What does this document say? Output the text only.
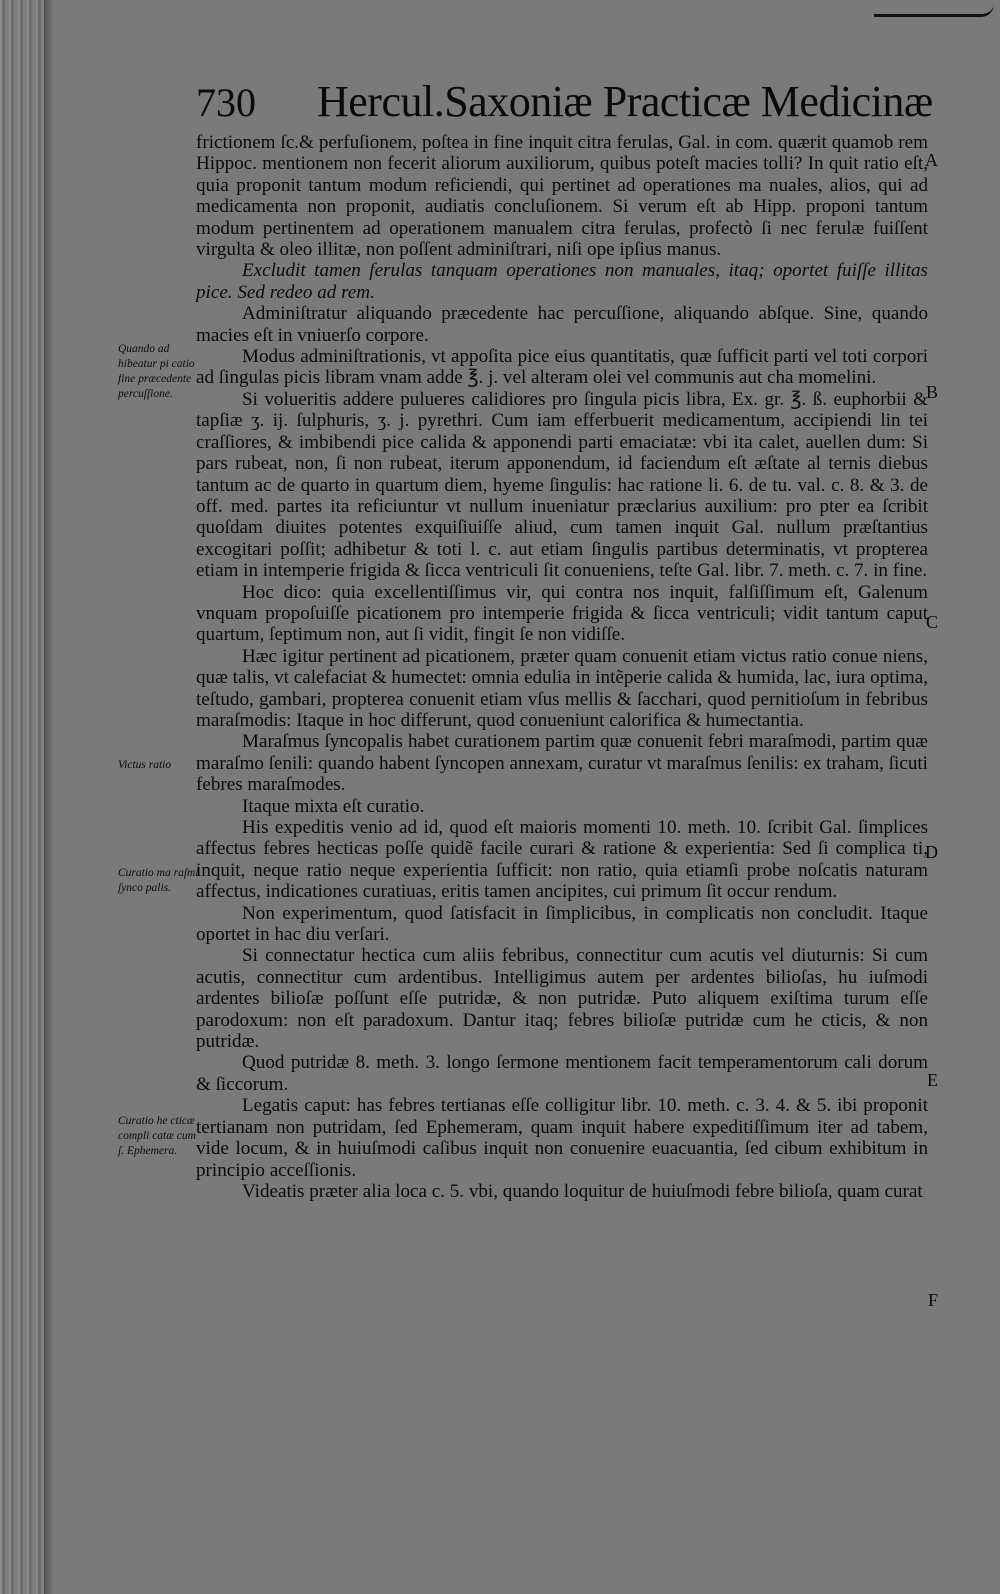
730 Hercul.Saxoniæ Practicæ Medicinæ
Quando ad hibeatur pi catio fine præcedente percuſſione.
Victus ratio
Curatio ma raſmi ſynco palis.
Curatio he cticæ compli catæ cum ſ. Ephemera.
A
B
C
D
E
F

frictionem ſc.& perfuſionem, poſtea in fine inquit citra ferulas, Gal. in com. quærit quamob rem Hippoc. mentionem non fecerit aliorum auxiliorum, quibus poteſt macies tolli? In quit ratio eſt, quia proponit tantum modum reficiendi, qui pertinet ad operationes ma nuales, alios, qui ad medicamenta non proponit, audiatis concluſionem. Si verum eſt ab Hipp. proponi tantum modum pertinentem ad operationem manualem citra ferulas, profectò ſi nec ferulæ fuiſſent virgulta & oleo illitæ, non poſſent adminiſtrari, niſi ope ipſius manus.

Excludit tamen ferulas tanquam operationes non manuales, itaq; oportet fuiſſe illitas pice. Sed redeo ad rem.

Adminiſtratur aliquando præcedente hac percuſſione, aliquando abſque. Sine, quando macies eſt in vniuerſo corpore.

Modus adminiſtrationis, vt appoſita pice eius quantitatis, quæ ſufficit parti vel toti corpori ad ſingulas picis libram vnam adde ℥. j. vel alteram olei vel communis aut cha momelini.

Si volueritis addere pulueres calidiores pro ſingula picis libra, Ex. gr. ℥. ß. euphorbii & tapſiæ ʒ. ij. ſulphuris, ʒ. j. pyrethri. Cum iam efferbuerit medicamentum, accipiendi lin tei craſſiores, & imbibendi pice calida & apponendi parti emaciatæ: vbi ita calet, auellen dum: Si pars rubeat, non, ſi non rubeat, iterum apponendum, id faciendum eſt æſtate al ternis diebus tantum ac de quarto in quartum diem, hyeme ſingulis: hac ratione li. 6. de tu. val. c. 8. & 3. de off. med. partes ita reficiuntur vt nullum inueniatur præclarius auxilium: pro pter ea ſcribit quoſdam diuites potentes exquiſiuiſſe aliud, cum tamen inquit Gal. nullum præſtantius excogitari poſſit; adhibetur & toti l. c. aut etiam ſingulis partibus determinatis, vt propterea etiam in intemperie frigida & ſicca ventriculi ſit conueniens, teſte Gal. libr. 7. meth. c. 7. in fine.

Hoc dico: quia excellentiſſimus vir, qui contra nos inquit, falſiſſimum eſt, Galenum vnquam propoſuiſſe picationem pro intemperie frigida & ſicca ventriculi; vidit tantum caput quartum, ſeptimum non, aut ſi vidit, fingit ſe non vidiſſe.

Hæc igitur pertinent ad picationem, præter quam conuenit etiam victus ratio conue niens, quæ talis, vt calefaciat & humectet: omnia edulia in intẽperie calida & humida, lac, iura optima, teſtudo, gambari, propterea conuenit etiam vſus mellis & ſacchari, quod pernitioſum in febribus maraſmodis: Itaque in hoc differunt, quod conueniunt calorifica & humectantia.

Maraſmus ſyncopalis habet curationem partim quæ conuenit febri maraſmodi, partim quæ maraſmo ſenili: quando habent ſyncopen annexam, curatur vt maraſmus ſenilis: ex traham, ſicuti febres maraſmodes.

Itaque mixta eſt curatio.

His expeditis venio ad id, quod eſt maioris momenti 10. meth. 10. ſcribit Gal. ſimplices affectus febres hecticas poſſe quidẽ facile curari & ratione & experientia: Sed ſi complica ti, inquit, neque ratio neque experientia ſufficit: non ratio, quia etiamſi probe noſcatis naturam affectus, indicationes curatiuas, eritis tamen ancipites, cui primum ſit occur rendum.

Non experimentum, quod ſatisfacit in ſimplicibus, in complicatis non concludit. Itaque oportet in hac diu verſari.

Si connectatur hectica cum aliis febribus, connectitur cum acutis vel diuturnis: Si cum acutis, connectitur cum ardentibus. Intelligimus autem per ardentes bilioſas, hu iuſmodi ardentes bilioſæ poſſunt eſſe putridæ, & non putridæ. Puto aliquem exiſtima turum eſſe parodoxum: non eſt paradoxum. Dantur itaq; febres bilioſæ putridæ cum he cticis, & non putridæ.

Quod putridæ 8. meth. 3. longo ſermone mentionem facit temperamentorum cali dorum & ſiccorum.

Legatis caput: has febres tertianas eſſe colligitur libr. 10. meth. c. 3. 4. & 5. ibi proponit tertianam non putridam, ſed Ephemeram, quam inquit habere expeditiſſimum iter ad tabem, vide locum, & in huiuſmodi caſibus inquit non conuenire euacuantia, ſed cibum exhibitum in principio acceſſionis.

Videatis præter alia loca c. 5. vbi, quando loquitur de huiuſmodi febre bilioſa, quam curat
